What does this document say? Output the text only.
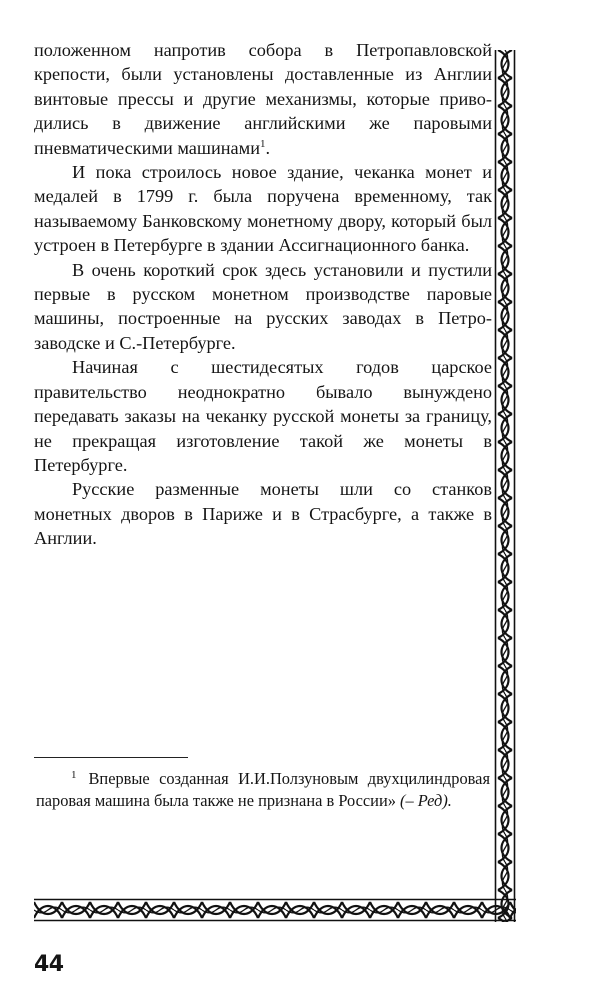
положенном напротив собора в Петропавловской крепости, были установлены доставленные из Англии винтовые прессы и другие механизмы, которые приводились в движение английскими же паровыми пневматическими машинами$^1$.

И пока строилось новое здание, чеканка монет и медалей в 1799 г. была поручена временному, так называемому Банковскому монетному двору, который был устроен в Петербурге в здании Ассигнационного банка.

В очень короткий срок здесь установили и пустили первые в русском монетном производстве паровые машины, построенные на русских заводах в Петрозаводске и С.-Петербурге.

Начиная с шестидесятых годов царское правительство неоднократно бывало вынуждено передавать заказы на чеканку русской монеты за границу, не прекращая изготовление такой же монеты в Петербурге.

Русские разменные монеты шли со станков монетных дворов в Париже и в Страсбурге, а также в Англии.

$^1$ Впервые созданная И.И.Ползуновым двухцилиндровая паровая машина была также не признана в России» (– Ред).

44
